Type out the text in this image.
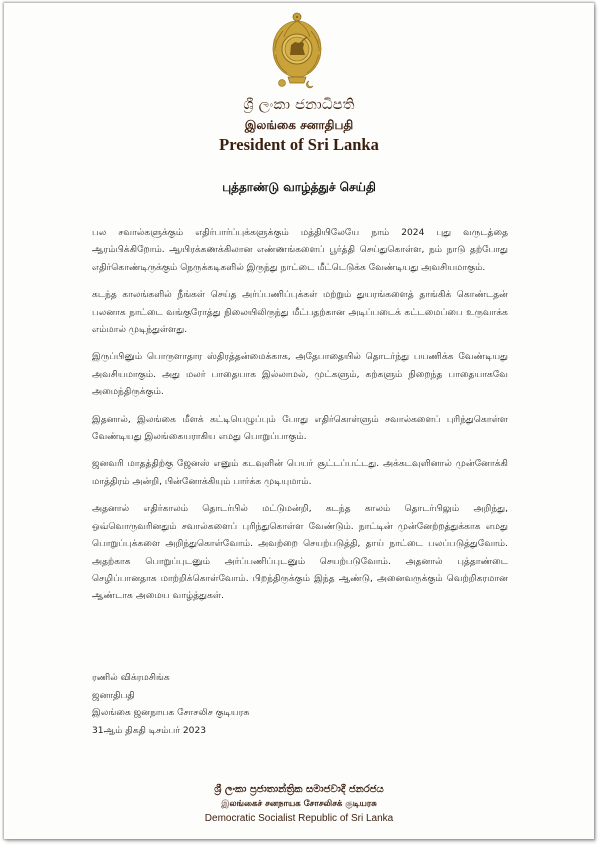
ශ්‍රී ලංකා ජනාධිපති
இலங்கை சனாதிபதி
President of Sri Lanka
புத்தாண்டு வாழ்த்துச் செய்தி

பல சவால்களுக்கும் எதிர்பார்ப்புக்களுக்கும் மத்தியிலேயே நாம் 2024 புது வருடத்தை ஆரம்பிக்கிறோம். ஆயிரக்கணக்கிலான எண்ணங்களைப் பூர்த்தி செய்துகொள்ள, நம் நாடு தற்போது எதிர்கொண்டிருக்கும் நெருக்கடிகளில் இருந்து நாட்டை மீட்டெடுக்க வேண்டியது அவசியமாகும்.

கடந்த காலங்களில் நீங்கள் செய்த அர்ப்பணிப்புக்கள் மற்றும் துயரங்களைத் தாங்கிக் கொண்டதன் பலனாக நாட்டை வங்குரோத்து நிலையிலிருந்து மீட்பதற்கான அடிப்படைக் கட்டமைப்பை உருவாக்க எம்மால் முடிந்துள்ளது.

இருப்பினும் பொருளாதார ஸ்திரத்தன்மைக்காக, அதேபாதையில் தொடர்ந்து பயணிக்க வேண்டியது அவசியமாகும். அது மலர் பாதையாக இல்லாமல், முட்களும், கற்களும் நிறைந்த பாதையாகவே அமைந்திருக்கும்.

இதனால், இலங்கை மீளக் கட்டியெழுப்பும் போது எதிர்கொள்ளும் சவால்களைப் புரிந்துகொள்ள வேண்டியது இலங்கையராகிய எமது பொறுப்பாகும்.

ஜனவரி மாதத்திற்கு ஜேனஸ் எனும் கடவுளின் பெயர் சூட்டப்பட்டது. அக்கடவுளினால் முன்னோக்கி மாத்திரம் அன்றி, பின்னோக்கியும் பார்க்க முடியுமாம்.

அதனால் எதிர்காலம் தொடர்பில் மட்டுமன்றி, கடந்த காலம் தொடர்பிலும் அறிந்து, ஒவ்வொருவரினதும் சவால்களைப் புரிந்துகொள்ள வேண்டும். நாட்டின் முன்னேற்றத்துக்காக எமது பொறுப்புக்களை அறிந்துகொள்வோம். அவற்றை செயற்படுத்தி, தாய் நாட்டை பலப்படுத்துவோம். அதற்காக பொறுப்புடனும் அர்ப்பணிப்புடனும் செயற்படுவோம். அதனால் புத்தாண்டை செழிப்பானதாக மாற்றிக்கொள்வோம். பிறந்திருக்கும் இந்த ஆண்டு, அனைவருக்கும் வெற்றிகரமான ஆண்டாக அமைய வாழ்த்துகள்.

ரணில் விக்ரமசிங்க
ஜனாதிபதி
இலங்கை ஜனநாயக சோசலிச குடியரசு
31ஆம் திகதி டிசம்பர் 2023
ශ්‍රී ලංකා ප්‍රජාතාන්ත්‍රික සමාජවාදී ජනරජය
இலங்கைச் சனநாயக சோசலிசக் குடியரசு
Democratic Socialist Republic of Sri Lanka
